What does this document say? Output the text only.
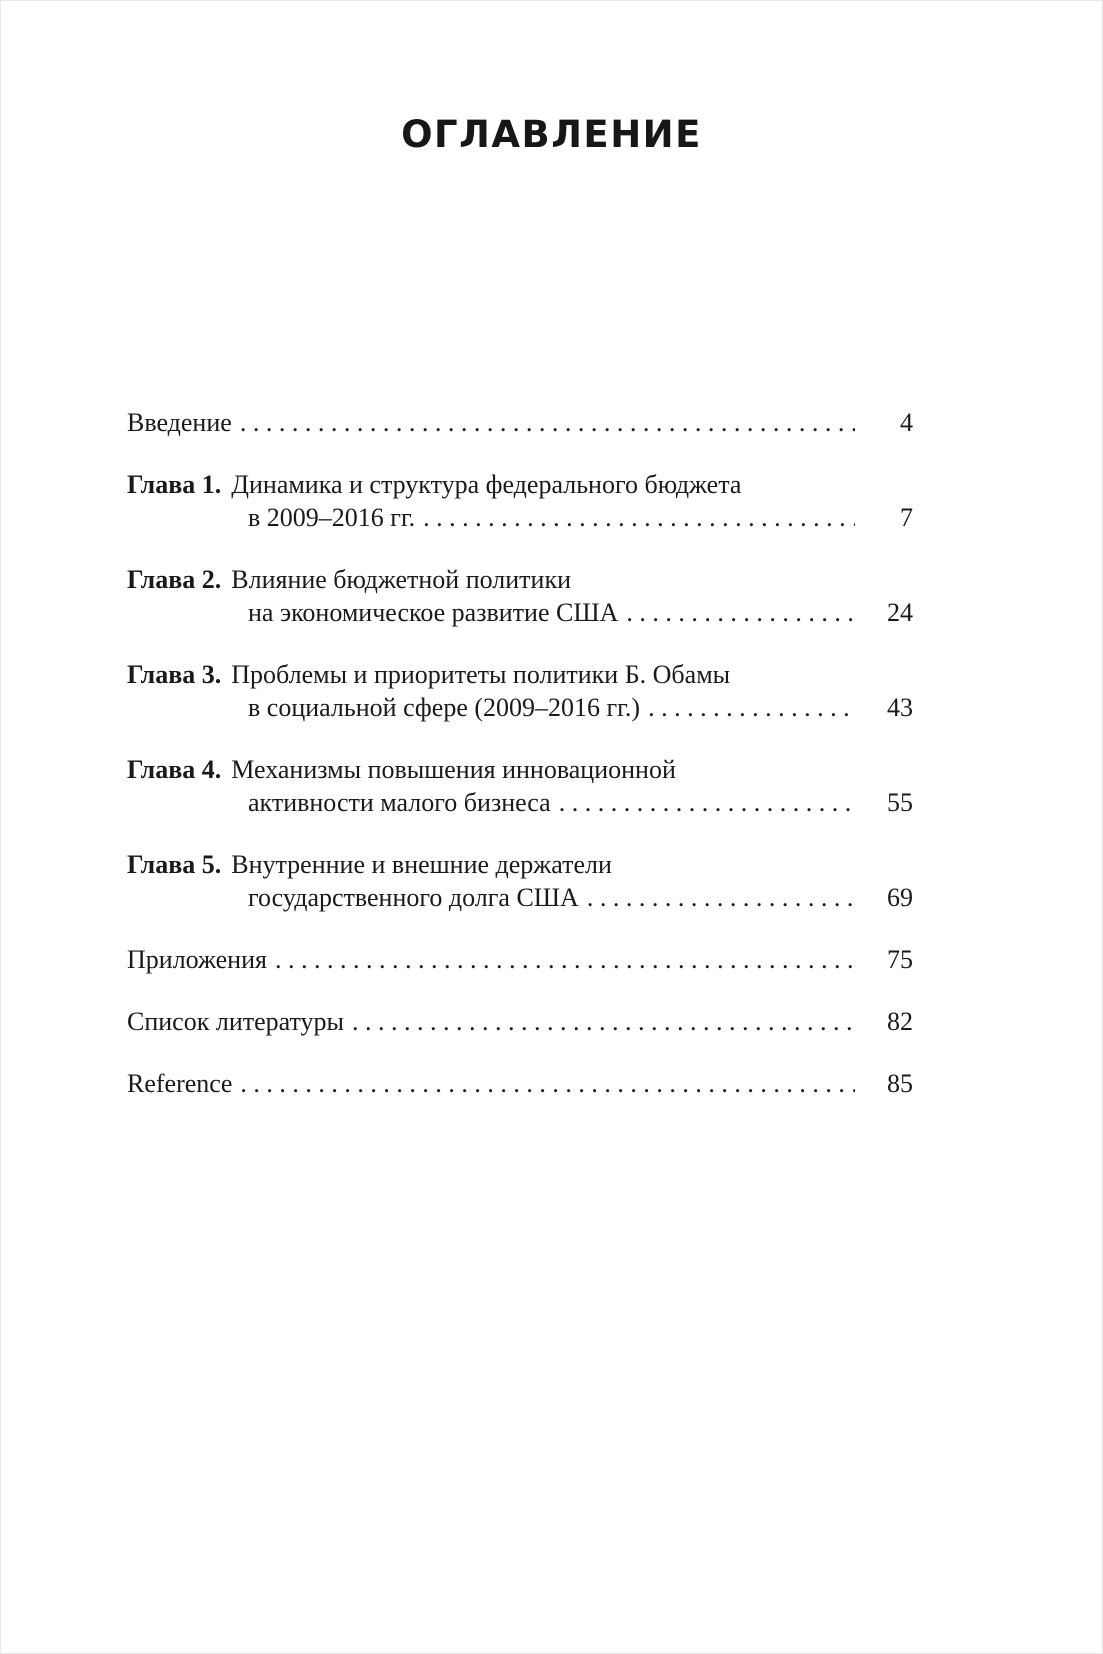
ОГЛАВЛЕНИЕ
Введение . . .	4
Глава 1. Динамика и структура федерального бюджета
в 2009–2016 гг. . . .	7
Глава 2. Влияние бюджетной политики
на экономическое развитие США . . .	24
Глава 3. Проблемы и приоритеты политики Б. Обамы
в социальной сфере (2009–2016 гг.) . . .	43
Глава 4. Механизмы повышения инновационной
активности малого бизнеса . . .	55
Глава 5. Внутренние и внешние держатели
государственного долга США . . .	69
Приложения . . .	75
Список литературы . . .	82
Reference . . .	85
